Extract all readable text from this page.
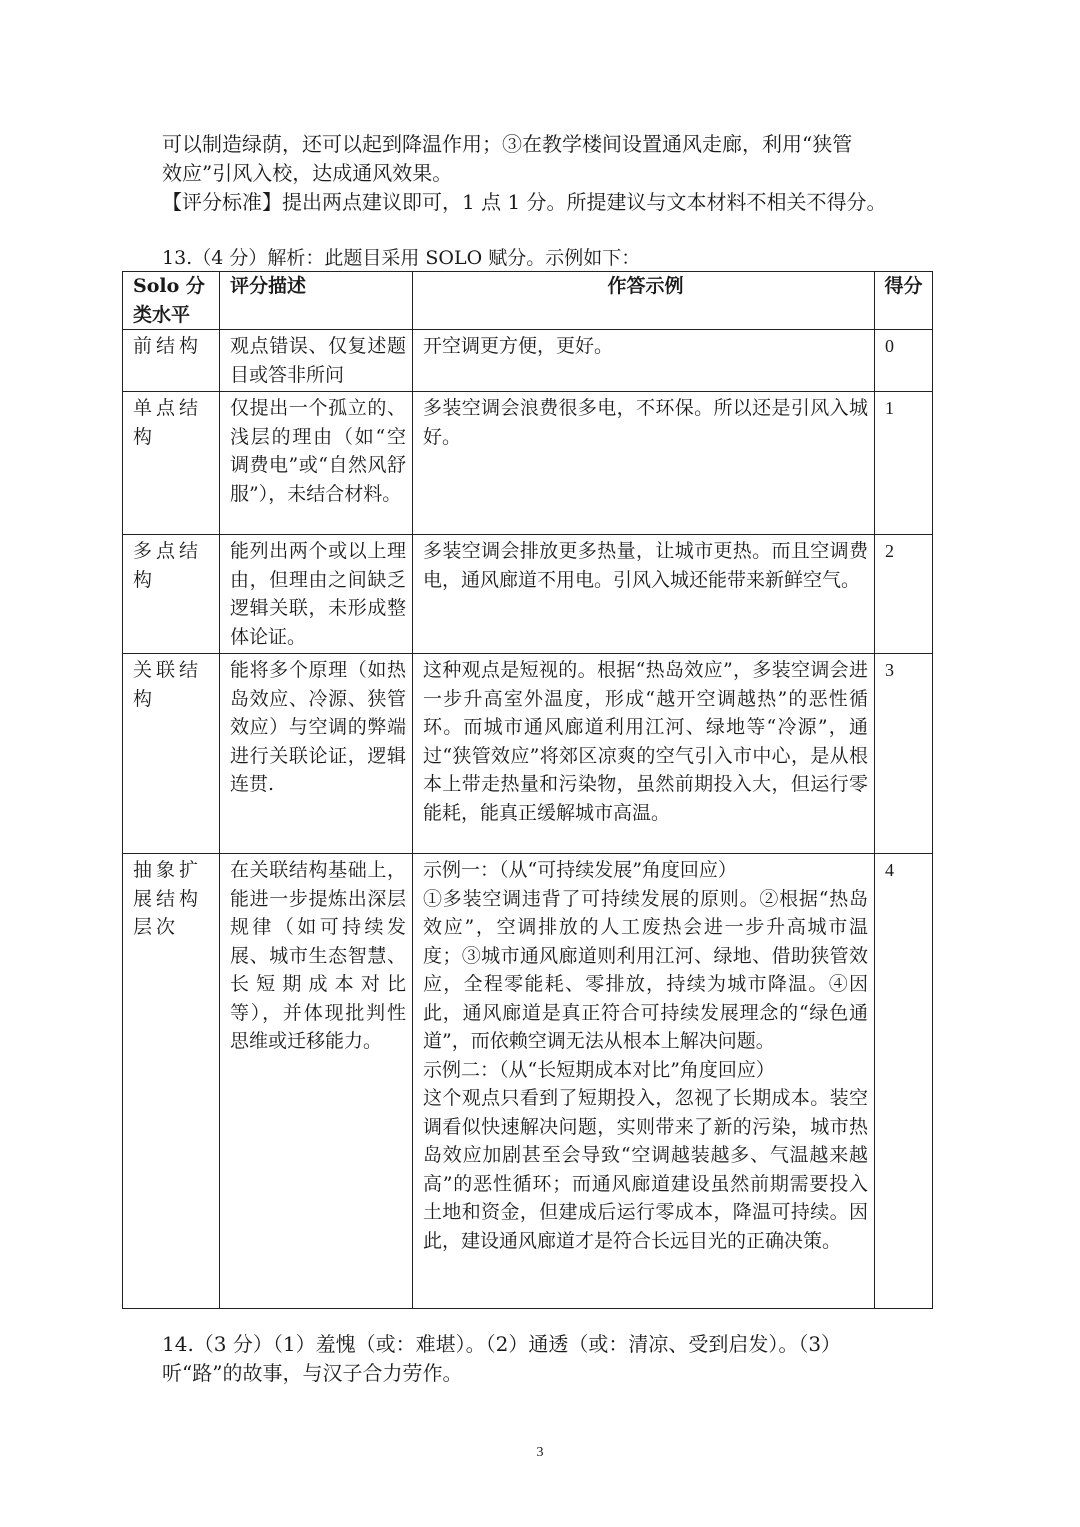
可以制造绿荫，还可以起到降温作用；③在教学楼间设置通风走廊，利用“狭管
效应”引风入校，达成通风效果。
【评分标准】提出两点建议即可，1 点 1 分。所提建议与文本材料不相关不得分。

13.（4 分）解析：此题目采用 SOLO 赋分。示例如下：
Solo 分类水平	评分描述	作答示例	得分
前结构	观点错误、仅复述题目或答非所问	开空调更方便，更好。	0
单点结构	仅提出一个孤立的、浅层的理由（如“空调费电”或“自然风舒服”），未结合材料。	多装空调会浪费很多电，不环保。所以还是引风入城好。	1
多点结构	能列出两个或以上理由，但理由之间缺乏逻辑关联，未形成整体论证。	多装空调会排放更多热量，让城市更热。而且空调费电，通风廊道不用电。引风入城还能带来新鲜空气。	2
关联结构	能将多个原理（如热岛效应、冷源、狭管效应）与空调的弊端进行关联论证，逻辑连贯.	这种观点是短视的。根据“热岛效应”，多装空调会进一步升高室外温度，形成“越开空调越热”的恶性循环。而城市通风廊道利用江河、绿地等“冷源”，通过“狭管效应”将郊区凉爽的空气引入市中心，是从根本上带走热量和污染物，虽然前期投入大，但运行零能耗，能真正缓解城市高温。	3
抽象扩展结构层次	在关联结构基础上，能进一步提炼出深层规律（如可持续发展、城市生态智慧、长短期成本对比等），并体现批判性思维或迁移能力。	示例一：（从“可持续发展”角度回应）
①多装空调违背了可持续发展的原则。②根据“热岛效应”，空调排放的人工废热会进一步升高城市温度；③城市通风廊道则利用江河、绿地、借助狭管效应，全程零能耗、零排放，持续为城市降温。④因此，通风廊道是真正符合可持续发展理念的“绿色通道”，而依赖空调无法从根本上解决问题。
示例二：（从“长短期成本对比”角度回应）
这个观点只看到了短期投入，忽视了长期成本。装空调看似快速解决问题，实则带来了新的污染，城市热岛效应加剧甚至会导致“空调越装越多、气温越来越高”的恶性循环；而通风廊道建设虽然前期需要投入土地和资金，但建成后运行零成本，降温可持续。因此，建设通风廊道才是符合长远目光的正确决策。	4

14.（3 分）（1）羞愧（或：难堪）。（2）通透（或：清凉、受到启发）。（3）
听“路”的故事，与汉子合力劳作。

3
